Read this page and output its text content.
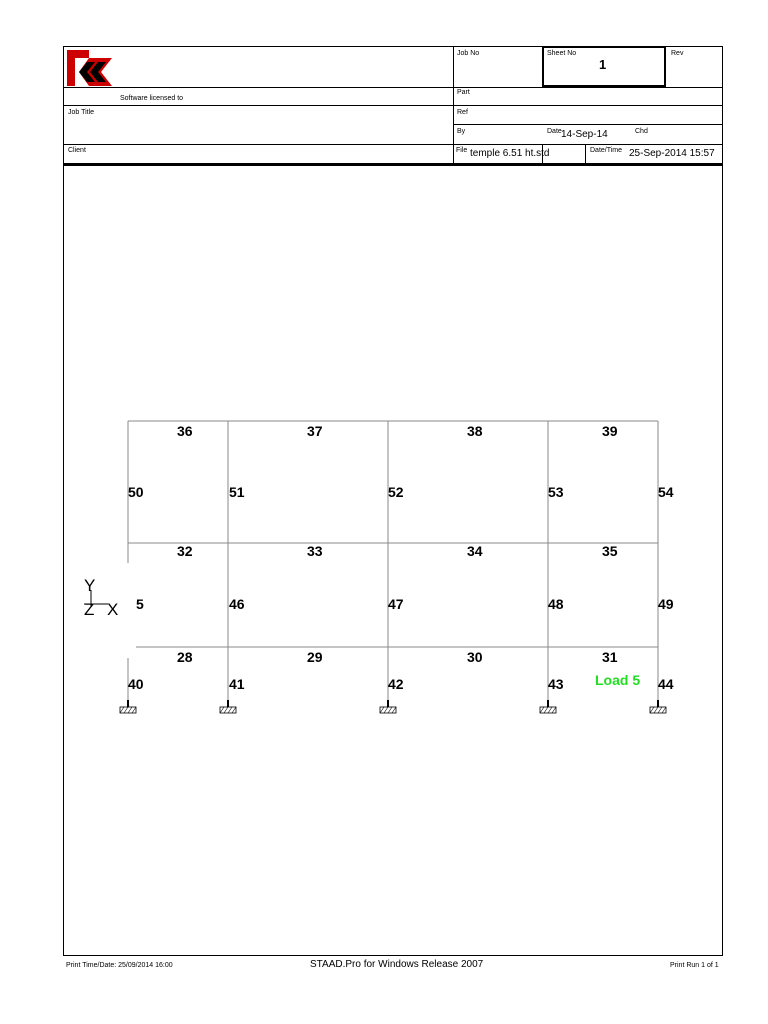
Software licensed to
Job Title
Client
Job No	Sheet No
1
Rev
Part
Ref
By	Date 14-Sep-14	Chd
File temple 6.51 ht.std	Date/Time 25-Sep-2014 15:57
36	37	38	39
32	33	34	35
28	29	30	31
50	51	52	53	54
5	46	47	48	49
40	41	42	43	44
Load 5
Y
Z X
Print Time/Date: 25/09/2014 16:00	STAAD.Pro for Windows Release 2007	Print Run 1 of 1
